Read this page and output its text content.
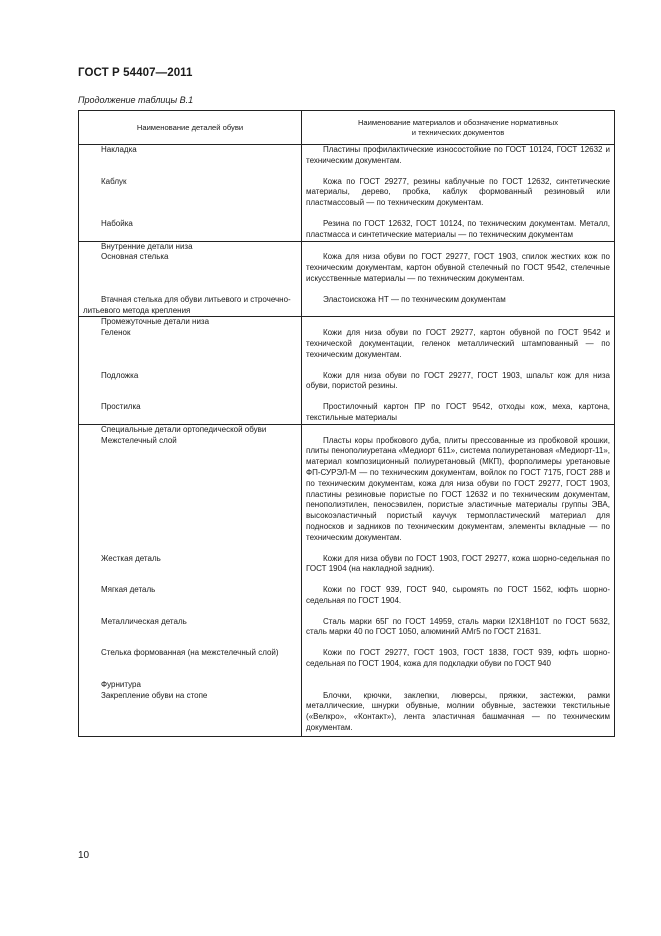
ГОСТ Р 54407—2011
Продолжение таблицы В.1
Наименование деталей обуви	Наименование материалов и обозначение нормативных
и технических документов
Накладка	Пластины профилактические износостойкие по ГОСТ 10124, ГОСТ 12632 и техническим документам.

Каблук	Кожа по ГОСТ 29277, резины каблучные по ГОСТ 12632, синтетические материалы, дерево, пробка, каблук формованный резиновый или пластмассовый — по техническим документам.

Набойка	Резина по ГОСТ 12632, ГОСТ 10124, по техническим документам. Металл, пластмасса и синтетические материалы — по техническим документам
Внутренние детали низа	
Основная стелька	Кожа для низа обуви по ГОСТ 29277, ГОСТ 1903, спилок жестких кож по техническим документам, картон обувной стелечный по ГОСТ 9542, стелечные искусственные материалы — по техническим документам.

Втачная стелька для обуви литьевого и строчечно-литьевого метода крепления	Эластоискожа НТ — по техническим документам
Промежуточные детали низа	
Геленок	Кожи для низа обуви по ГОСТ 29277, картон обувной по ГОСТ 9542 и технической документации, геленок металлический штампованный — по техническим документам.

Подложка	Кожи для низа обуви по ГОСТ 29277, ГОСТ 1903, шпальт кож для низа обуви, пористой резины.

Простилка	Простилочный картон ПР по ГОСТ 9542, отходы кож, меха, картона, текстильные материалы
Специальные детали ортопедической обуви	
Межстелечный слой	Пласты коры пробкового дуба, плиты прессованные из пробковой крошки, плиты пенополиуретана «Медиорт 611», система полиуретановая «Медиорт-11», материал композиционный полиуретановый (МКП), форполимеры уретановые ФП-СУРЭЛ-М — по техническим документам, войлок по ГОСТ 7175, ГОСТ 288 и по техническим документам, кожа для низа обуви по ГОСТ 29277, ГОСТ 1903, пластины резиновые пористые по ГОСТ 12632 и по техническим документам, пенополиэтилен, пеносэвилен, пористые эластичные материалы группы ЭВА, высокоэластичный пористый каучук термопластический материал для подносков и задников по техническим документам, элементы вкладные — по техническим документам.

Жесткая деталь	Кожи для низа обуви по ГОСТ 1903, ГОСТ 29277, кожа шорно-седельная по ГОСТ 1904 (на накладной задник).

Мягкая деталь	Кожи по ГОСТ 939, ГОСТ 940, сыромять по ГОСТ 1562, юфть шорно-седельная по ГОСТ 1904.

Металлическая деталь	Сталь марки 65Г по ГОСТ 14959, сталь марки I2Х18Н10Т по ГОСТ 5632, сталь марки 40 по ГОСТ 1050, алюминий АМг5 по ГОСТ 21631.

Стелька формованная (на межстелечный слой)	Кожи по ГОСТ 29277, ГОСТ 1903, ГОСТ 1838, ГОСТ 939, юфть шорно-седельная по ГОСТ 1904, кожа для подкладки обуви по ГОСТ 940

Фурнитура	
Закрепление обуви на стопе	Блочки, крючки, заклепки, люверсы, пряжки, застежки, рамки металлические, шнурки обувные, молнии обувные, застежки текстильные («Велкро», «Контакт»), лента эластичная башмачная — по техническим документам.
10
